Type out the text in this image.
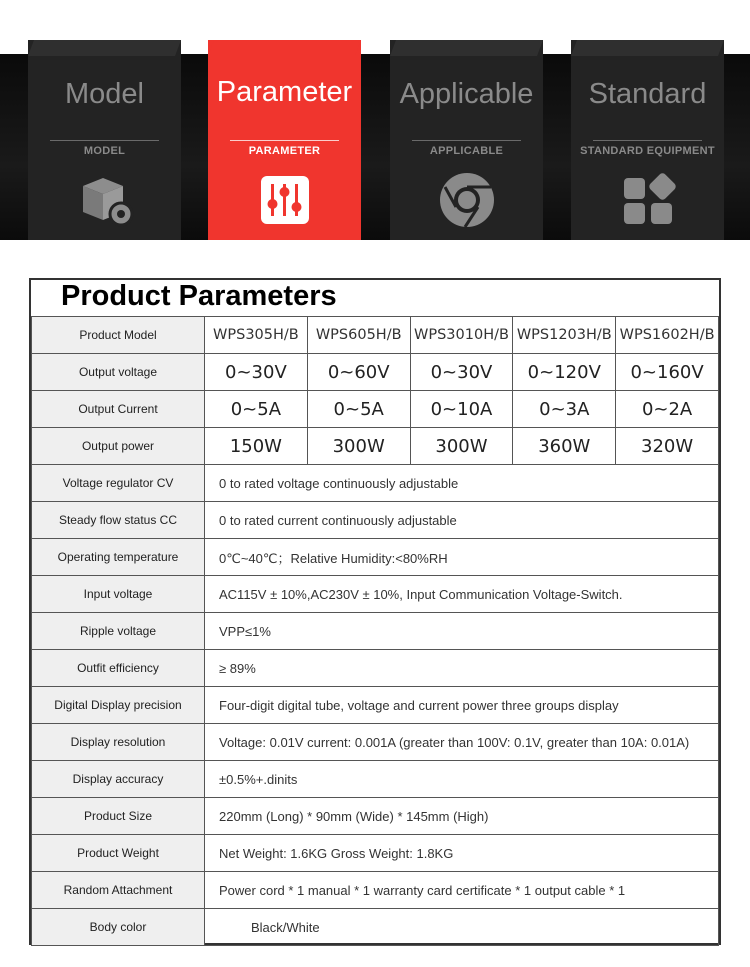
Model
MODEL
Parameter
PARAMETER
Applicable
APPLICABLE
Standard
STANDARD EQUIPMENT
Product Parameters
Product Model	WPS305H/B	WPS605H/B	WPS3010H/B	WPS1203H/B	WPS1602H/B
Output voltage	0~30V	0~60V	0~30V	0~120V	0~160V
Output Current	0~5A	0~5A	0~10A	0~3A	0~2A
Output power	150W	300W	300W	360W	320W
Voltage regulator CV	0 to rated voltage continuously adjustable				
Steady flow status CC	0 to rated current continuously adjustable				
Operating temperature	0℃~40℃；Relative Humidity:<80%RH				
Input voltage	AC115V ± 10%,AC230V ± 10%, Input Communication Voltage-Switch.				
Ripple voltage	VPP≤1%				
Outfit efficiency	≥ 89%				
Digital Display precision	Four-digit digital tube, voltage and current power three groups display				
Display resolution	Voltage: 0.01V current: 0.001A (greater than 100V: 0.1V, greater than 10A: 0.01A)				
Display accuracy	±0.5%+.dinits				
Product Size	220mm (Long) * 90mm (Wide) * 145mm (High)				
Product Weight	Net Weight: 1.6KG Gross Weight: 1.8KG				
Random Attachment	Power cord * 1 manual * 1 warranty card certificate * 1 output cable * 1				
Body color	Black/White				
